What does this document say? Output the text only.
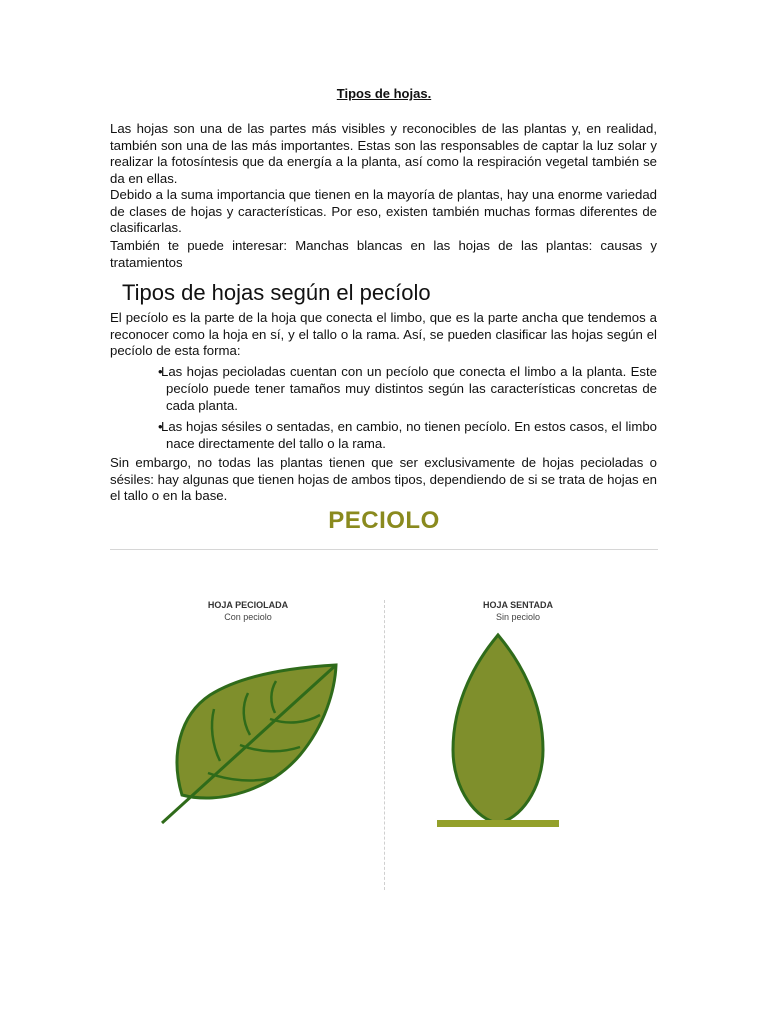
Tipos de hojas.

Las hojas son una de las partes más visibles y reconocibles de las plantas y, en realidad, también son una de las más importantes. Estas son las responsables de captar la luz solar y realizar la fotosíntesis que da energía a la planta, así como la respiración vegetal también se da en ellas.

Debido a la suma importancia que tienen en la mayoría de plantas, hay una enorme variedad de clases de hojas y características. Por eso, existen también muchas formas diferentes de clasificarlas.

También te puede interesar: Manchas blancas en las hojas de las plantas: causas y tratamientos

Tipos de hojas según el pecíolo

El pecíolo es la parte de la hoja que conecta el limbo, que es la parte ancha que tendemos a reconocer como la hoja en sí, y el tallo o la rama. Así, se pueden clasificar las hojas según el pecíolo de esta forma:

• Las hojas pecioladas cuentan con un pecíolo que conecta el limbo a la planta. Este pecíolo puede tener tamaños muy distintos según las características concretas de cada planta.
• Las hojas sésiles o sentadas, en cambio, no tienen pecíolo. En estos casos, el limbo nace directamente del tallo o la rama.

Sin embargo, no todas las plantas tienen que ser exclusivamente de hojas pecioladas o sésiles: hay algunas que tienen hojas de ambos tipos, dependiendo de si se trata de hojas en el tallo o en la base.

PECIOLO
HOJA PECIOLADA
Con peciolo
HOJA SENTADA
Sin peciolo
